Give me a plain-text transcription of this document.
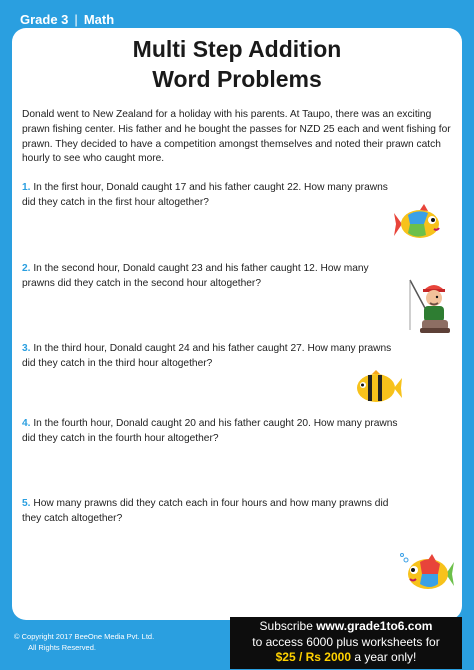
Grade 3 | Math
Multi Step Addition
Word Problems

Donald went to New Zealand for a holiday with his parents. At Taupo, there was an exciting prawn fishing center. His father and he bought the passes for NZD 25 each and went fishing for prawn. They decided to have a competition amongst themselves and noted their prawn catch hourly to see who caught more.

1. In the first hour, Donald caught 17 and his father caught 22. How many prawns did they catch in the first hour altogether?

2. In the second hour, Donald caught 23 and his father caught 12. How many prawns did they catch in the second hour altogether?

3. In the third hour, Donald caught 24 and his father caught 27. How many prawns did they catch in the third hour altogether?

4. In the fourth hour, Donald caught 20 and his father caught 20. How many prawns did they catch in the fourth hour altogether?

5. How many prawns did they catch each in four hours and how many prawns did they catch altogether?

© Copyright 2017 BeeOne Media Pvt. Ltd.
All Rights Reserved.
Subscribe www.grade1to6.com
to access 6000 plus worksheets for
$25 / Rs 2000 a year only!
